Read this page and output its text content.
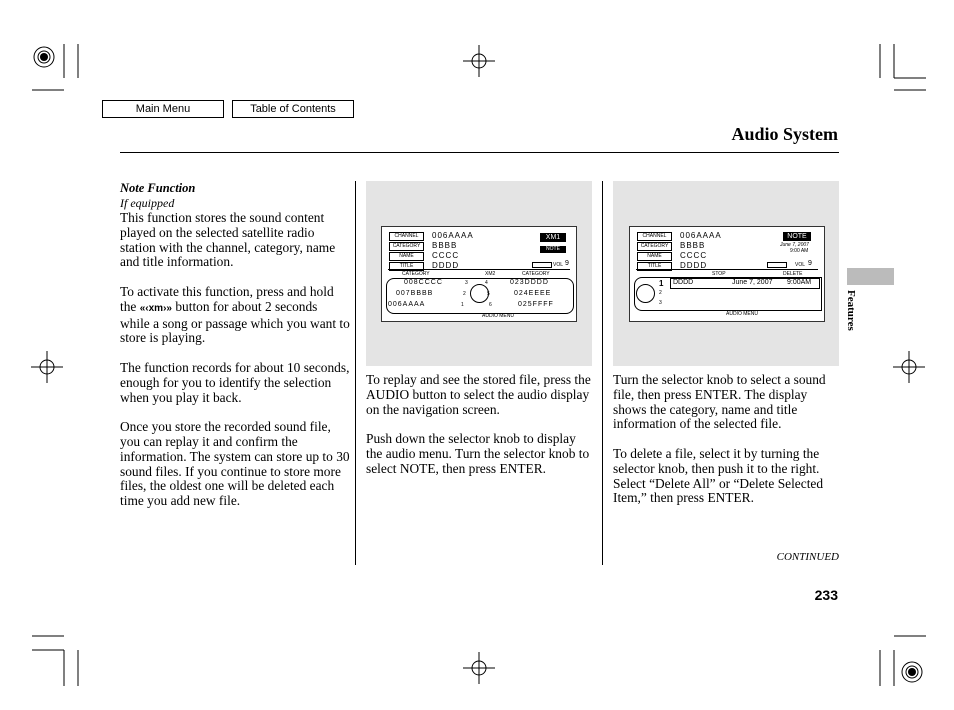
Main Menu	Table of Contents
Audio System
Features
Note Function
If equipped

This function stores the sound content played on the selected satellite radio station with the channel, category, name and title information.

To activate this function, press and hold the «‹xm›» button for about 2 seconds while a song or passage which you want to store is playing.

The function records for about 10 seconds, enough for you to identify the selection when you play it back.

Once you store the recorded sound file, you can replay it and confirm the information. The system can store up to 30 sound files. If you continue to store more files, the oldest one will be deleted each time you add new file.

CHANNEL
CATEGORY
NAME
TITLE
006AAAA
BBBB
CCCC
DDDD
XM1
NOTE
VOL 9
CATEGORY	XM2	CATEGORY
008CCCC	3
007BBBB	2
006AAAA	1
4	023DDDD
5	024EEEE
6	025FFFF
AUDIO MENU

To replay and see the stored file, press the AUDIO button to select the audio display on the navigation screen.

Push down the selector knob to display the audio menu. Turn the selector knob to select NOTE, then press ENTER.

CHANNEL
CATEGORY
NAME
TITLE
006AAAA
BBBB
CCCC
DDDD
NOTE
June 7, 2007
9:00 AM
VOL 9
STOP	DELETE
1
2
3
DDDD	June 7, 2007 9:00AM
AUDIO MENU

Turn the selector knob to select a sound file, then press ENTER. The display shows the category, name and title information of the selected file.

To delete a file, select it by turning the selector knob, then push it to the right. Select “Delete All” or “Delete Selected Item,” then press ENTER.

CONTINUED
233
